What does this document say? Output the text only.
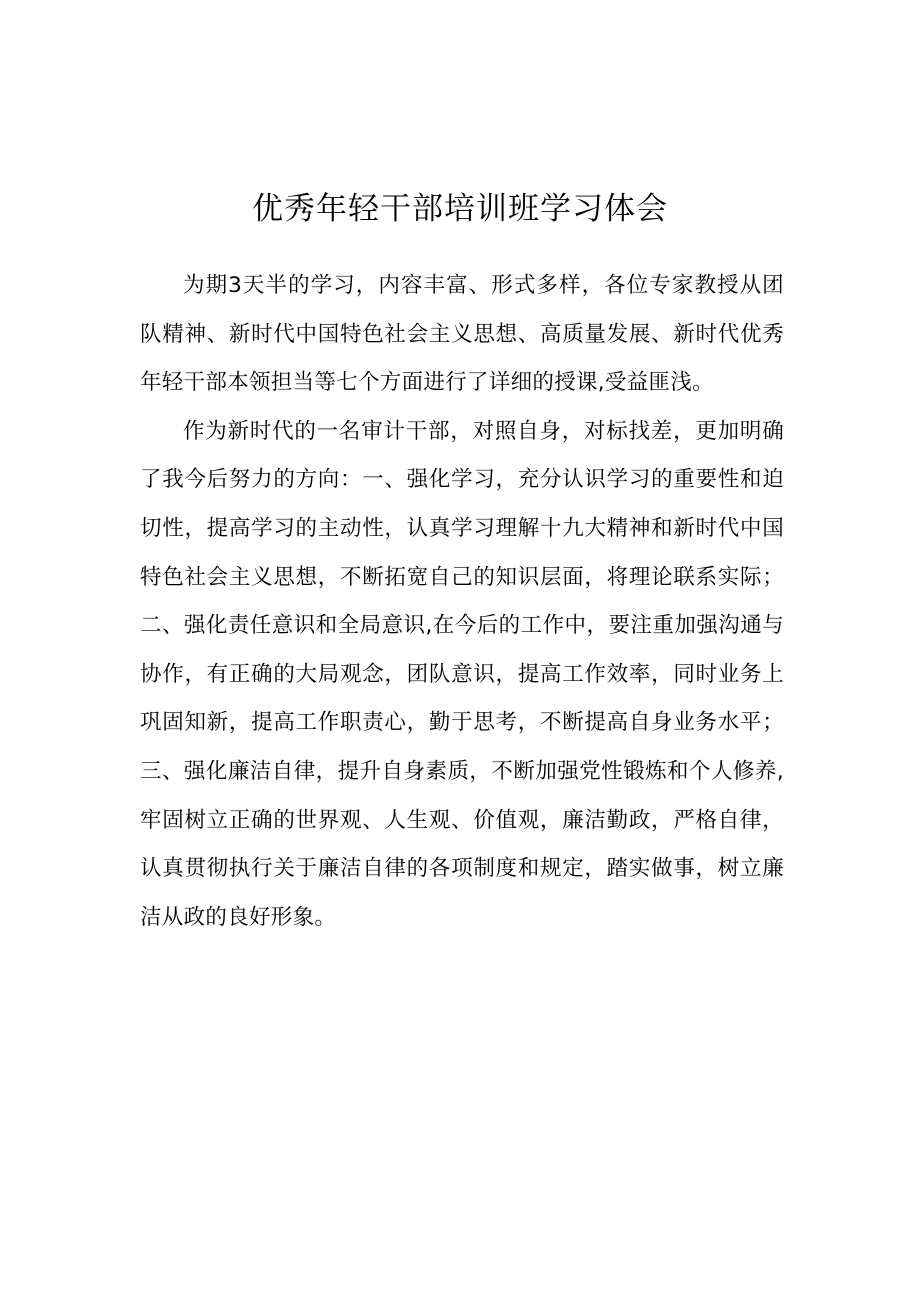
优秀年轻干部培训班学习体会

为期3天半的学习，内容丰富、形式多样，各位专家教授从团队精神、新时代中国特色社会主义思想、高质量发展、新时代优秀年轻干部本领担当等七个方面进行了详细的授课,受益匪浅。

作为新时代的一名审计干部，对照自身，对标找差，更加明确了我今后努力的方向：一、强化学习，充分认识学习的重要性和迫切性，提高学习的主动性，认真学习理解十九大精神和新时代中国特色社会主义思想，不断拓宽自己的知识层面，将理论联系实际；二、强化责任意识和全局意识,在今后的工作中，要注重加强沟通与协作，有正确的大局观念，团队意识，提高工作效率，同时业务上巩固知新，提高工作职责心，勤于思考，不断提高自身业务水平；三、强化廉洁自律，提升自身素质，不断加强党性锻炼和个人修养,牢固树立正确的世界观、人生观、价值观，廉洁勤政，严格自律，认真贯彻执行关于廉洁自律的各项制度和规定，踏实做事，树立廉洁从政的良好形象。
